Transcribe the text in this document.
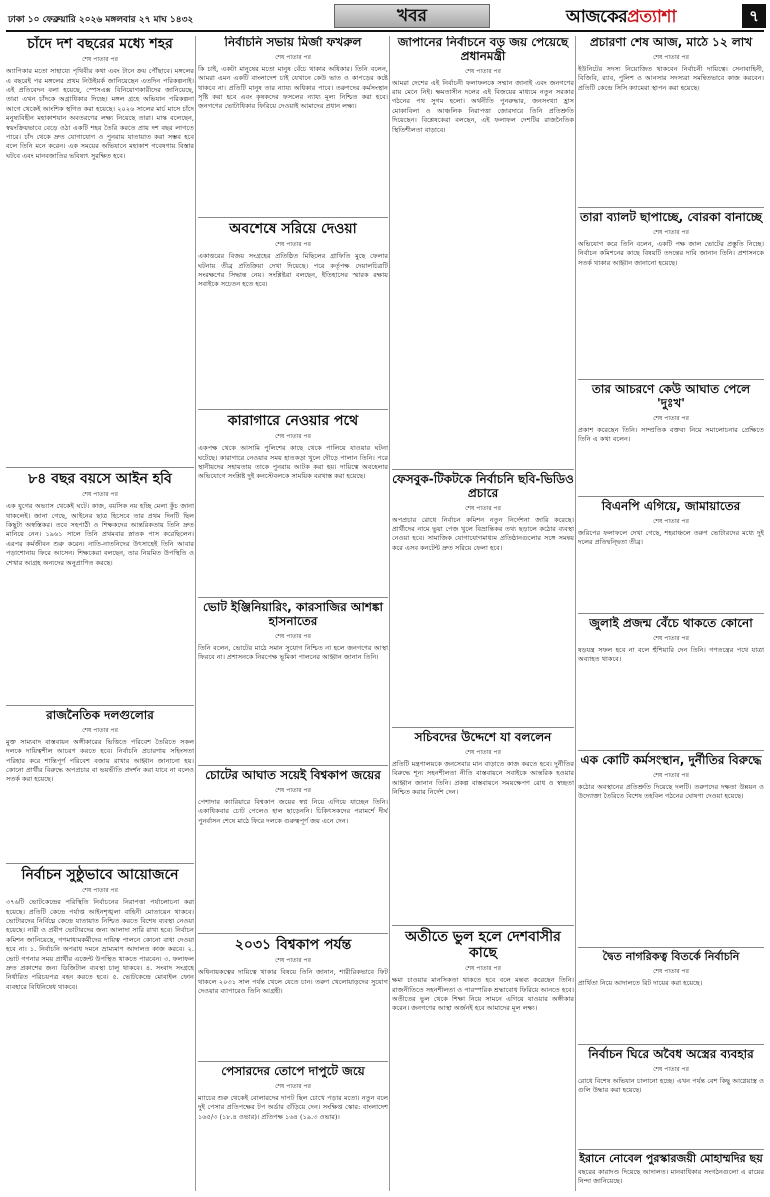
ঢাকা ১০ ফেব্রুয়ারি ২০২৬ মঙ্গলবার ২৭ মাঘ ১৪৩২	খবর	আজকেরপ্রত্যাশা	৭
চাঁদে দশ বছরের মধ্যে শহর
শেষ পাতার পর
অ্যাপিকার মতো সাহায্যে পৃথিবীর কথা এবং টানে ক্রয় পৌঁছাবে। মঙ্গলের এ বছরেই পর মঙ্গলের প্রথম নিউইয়র্ক জানিয়েছেন এতদিন পরিকল্পনাই। এই প্রতিবেদন বলা হয়েছে, স্পেসএক্স বিনিয়োগকারীদের জানিয়েছে, তারা এখন চাঁদকে অগ্রাধিকার দিচ্ছে। মঙ্গল গ্রহে অভিযান পরিকল্পনা আগে থেকেই আংশিক স্থগিত করা হয়েছে। ২০২৬ সালের মার্চ মাসে চাঁদে মনুষ্যবিহীন মহাকাশযান অবতরণের লক্ষ্য নিয়েছে তারা। মাস্ক বলেছেন, স্বয়ংক্রিয়ভাবে বেড়ে ওঠা একটি শহর তৈরি করতে প্রায় দশ বছর লাগতে পারে। চাঁদ থেকে দ্রুত যোগাযোগ ও পুনরায় যাতায়াত করা সম্ভব হবে বলে তিনি মনে করেন। এক সময়ের অভিযানে মহাকাশ গবেষণায় বিস্তার ঘটবে এবং মানবজাতির ভবিষ্যৎ সুরক্ষিত হবে।
৮৪ বছর বয়সে আইন হবি
শেষ পাতার পর
এক যুগের অভ্যাস থেকেই ঘটে। কাজ, বয়সিক নয় হচ্ছি মেলা কুঁচ জানা থাকলেই। জানা গেছে, আইনের ছাত্র হিসেবে তার প্রথম দিনটি ছিল কিছুটা অস্বস্তিকর। তবে সহপাঠী ও শিক্ষকদের আন্তরিকতায় তিনি দ্রুত মানিয়ে নেন। ১৯৬১ সালে তিনি প্রথমবার স্নাতক পাস করেছিলেন। এরপর কর্মজীবন শুরু করেন। নাতি-নাতনিদের উৎসাহেই তিনি আবার পড়াশোনায় ফিরে আসেন। শিক্ষকেরা বলছেন, তার নিয়মিত উপস্থিতি ও শেখার আগ্রহ অন্যদের অনুপ্রাণিত করছে।
রাজনৈতিক দলগুলোর
শেষ পাতার পর
মুক্ত সাম্যবাদ বাস্তবায়ন অঙ্গীকারের ভিত্তিতে পরিবেশ তৈরিতে সকল দলকে দায়িত্বশীল আচরণ করতে হবে। নির্বাচনি প্রচারণায় সহিংসতা পরিহার করে শান্তিপূর্ণ পরিবেশ বজায় রাখার আহ্বান জানানো হয়। কোনো প্রার্থীর বিরুদ্ধে অপপ্রচার বা ভয়ভীতি প্রদর্শন করা যাবে না বলেও সতর্ক করা হয়েছে।
নির্বাচন সুষ্ঠুভাবে আয়োজনে
শেষ পাতার পর
৩৭৬টি ভোটকেন্দ্রের পরিস্থিতি নির্বাচনের নিরাপত্তা পর্যালোচনা করা হয়েছে। প্রতিটি কেন্দ্রে পর্যাপ্ত আইনশৃঙ্খলা বাহিনী মোতায়েন থাকবে। ভোটারদের নির্বিঘ্নে কেন্দ্রে যাতায়াত নিশ্চিত করতে বিশেষ ব্যবস্থা নেওয়া হয়েছে। নারী ও প্রবীণ ভোটারদের জন্য আলাদা সারি রাখা হবে। নির্বাচন কমিশন জানিয়েছে, গণমাধ্যমকর্মীদের দায়িত্ব পালনে কোনো বাধা দেওয়া হবে না। ১. নির্বাচনি অপরাধ দমনে ভ্রাম্যমাণ আদালত কাজ করবে। ২. ভোট গণনার সময় প্রার্থীর এজেন্ট উপস্থিত থাকতে পারবেন। ৩. ফলাফল দ্রুত প্রকাশের জন্য ডিজিটাল ব্যবস্থা চালু থাকবে। ৪. সংবাদ সংগ্রহে নির্ধারিত পরিচয়পত্র বহন করতে হবে। ৫. ভোটকেন্দ্রে মোবাইল ফোন ব্যবহারে বিধিনিষেধ থাকবে।
নির্বাচনি সভায় মির্জা ফখরুল
শেষ পাতার পর
কি চাই, একটা মানুষের মতো মানুষ বেঁচে থাকার অধিকার। তিনি বলেন, আমরা এমন একটি বাংলাদেশ চাই যেখানে কেউ ভাত ও কাপড়ের কষ্টে থাকবে না। প্রতিটি মানুষ তার ন্যায্য অধিকার পাবে। তরুণদের কর্মসংস্থান সৃষ্টি করা হবে এবং কৃষকদের ফসলের ন্যায্য মূল্য নিশ্চিত করা হবে। জনগণের ভোটাধিকার ফিরিয়ে দেওয়াই আমাদের প্রধান লক্ষ্য।
অবশেষে সরিয়ে দেওয়া
শেষ পাতার পর
একাত্তরের বিজয় সংগ্রহের প্রতিষ্ঠিত মিছিলের গ্রাফিতি মুছে ফেলার ঘটনায় তীব্র প্রতিক্রিয়া দেখা দিয়েছে। পরে কর্তৃপক্ষ দেয়ালচিত্রটি সংরক্ষণের সিদ্ধান্ত নেয়। সংশ্লিষ্টরা বলছেন, ইতিহাসের স্মারক রক্ষায় সবাইকে সচেতন হতে হবে।
কারাগারে নেওয়ার পথে
শেষ পাতার পর
একপক্ষ থেকে আসামি পুলিশের কাছে থেকে পালিয়ে যাওয়ার ঘটনা ঘটেছে। কারাগারে নেওয়ার সময় হাতকড়া খুলে দৌড়ে পালান তিনি। পরে স্থানীয়দের সহায়তায় তাকে পুনরায় আটক করা হয়। দায়িত্বে অবহেলার অভিযোগে সংশ্লিষ্ট দুই কনস্টেবলকে সাময়িক বরখাস্ত করা হয়েছে।
ভোট ইঞ্জিনিয়ারিং, কারসাজির আশঙ্কা হাসনাতের
শেষ পাতার পর
তিনি বলেন, ভোটের মাঠে সমান সুযোগ নিশ্চিত না হলে জনগণের আস্থা ফিরবে না। প্রশাসনকে নিরপেক্ষ ভূমিকা পালনের আহ্বান জানান তিনি।
চোটের আঘাত সয়েই বিশ্বকাপ জয়ের
শেষ পাতার পর
পেশাদার ক্যারিয়ারে বিশ্বকাপ জয়ের স্বপ্ন নিয়ে এগিয়ে যাচ্ছেন তিনি। একাধিকবার চোট পেলেও হাল ছাড়েননি। চিকিৎসকদের পরামর্শে দীর্ঘ পুনর্বাসন শেষে মাঠে ফিরে দলকে গুরুত্বপূর্ণ জয় এনে দেন।
২০৩১ বিশ্বকাপ পর্যন্ত
শেষ পাতার পর
অধিনায়কত্বের দায়িত্বে থাকার বিষয়ে তিনি জানান, শারীরিকভাবে ফিট থাকলে ২০৩১ সাল পর্যন্ত খেলে যেতে চান। তরুণ খেলোয়াড়দের সুযোগ দেওয়ার ব্যাপারেও তিনি আগ্রহী।
পেসারদের তোপে দাপুটে জয়ে
শেষ পাতার পর
ম্যাচের শুরু থেকেই বোলারদের দাপট ছিল চোখে পড়ার মতো। নতুন বলে দুই পেসার প্রতিপক্ষের টপ অর্ডার গুঁড়িয়ে দেন। সংক্ষিপ্ত স্কোর: বাংলাদেশ ১৬৫/৩ (১৮.৪ ওভার)। প্রতিপক্ষ ১৬৪ (১৯.৩ ওভার)।
জাপানের নির্বাচনে বড় জয় পেয়েছে প্রধানমন্ত্রী
শেষ পাতার পর
আমরা দেশের এই নির্বাচনী ফলাফলকে সম্মান জানাই এবং জনগণের রায় মেনে নিই। ক্ষমতাসীন দলের এই বিজয়ের মাধ্যমে নতুন সরকার গঠনের পথ সুগম হলো। অর্থনীতি পুনরুদ্ধার, জনসংখ্যা হ্রাস মোকাবিলা ও আঞ্চলিক নিরাপত্তা জোরদারে তিনি প্রতিশ্রুতি দিয়েছেন। বিশ্লেষকেরা বলছেন, এই ফলাফল দেশটির রাজনৈতিক স্থিতিশীলতা বাড়াবে।
ফেসবুক-টিকটকে নির্বাচনি ছবি-ভিডিও প্রচারে
শেষ পাতার পর
অপপ্রচার রোধে নির্বাচন কমিশন নতুন নির্দেশনা জারি করেছে। প্রার্থীদের নামে ভুয়া পেজ খুলে বিভ্রান্তিকর তথ্য ছড়ালে কঠোর ব্যবস্থা নেওয়া হবে। সামাজিক যোগাযোগমাধ্যম প্রতিষ্ঠানগুলোর সঙ্গে সমন্বয় করে এসব কনটেন্ট দ্রুত সরিয়ে ফেলা হবে।
সচিবদের উদ্দেশে যা বললেন
শেষ পাতার পর
প্রতিটি মন্ত্রণালয়কে জনসেবার মান বাড়াতে কাজ করতে হবে। দুর্নীতির বিরুদ্ধে শূন্য সহনশীলতা নীতি বাস্তবায়নে সবাইকে আন্তরিক হওয়ার আহ্বান জানান তিনি। প্রকল্প বাস্তবায়নে সময়ক্ষেপণ রোধ ও স্বচ্ছতা নিশ্চিত করার নির্দেশ দেন।
অতীতে ভুল হলে দেশবাসীর কাছে
শেষ পাতার পর
ক্ষমা চাওয়ার মানসিকতা থাকতে হবে বলে মন্তব্য করেছেন তিনি। রাজনীতিতে সহনশীলতা ও পারস্পরিক শ্রদ্ধাবোধ ফিরিয়ে আনতে হবে। অতীতের ভুল থেকে শিক্ষা নিয়ে সামনে এগিয়ে যাওয়ার অঙ্গীকার করেন। জনগণের আস্থা অর্জনই হবে আমাদের মূল লক্ষ্য।
প্রচারণা শেষ আজ, মাঠে ১২ লাখ
শেষ পাতার পর
ইউনিটের সদস্য নিয়োজিত থাকবেন নির্বাচনী দায়িত্বে। সেনাবাহিনী, বিজিবি, র‍্যাব, পুলিশ ও আনসার সদস্যরা সমন্বিতভাবে কাজ করবেন। প্রতিটি কেন্দ্রে সিসি ক্যামেরা স্থাপন করা হয়েছে।
তারা ব্যালট ছাপাচ্ছে, বোরকা বানাচ্ছে
শেষ পাতার পর
অভিযোগ করে তিনি বলেন, একটি পক্ষ জাল ভোটের প্রস্তুতি নিচ্ছে। নির্বাচন কমিশনের কাছে বিষয়টি তদন্তের দাবি জানান তিনি। প্রশাসনকে সতর্ক থাকার আহ্বান জানানো হয়েছে।
তার আচরণে কেউ আঘাত পেলে 'দুঃখ'
শেষ পাতার পর
প্রকাশ করেছেন তিনি। সাম্প্রতিক বক্তব্য নিয়ে সমালোচনার প্রেক্ষিতে তিনি এ কথা বলেন।
বিএনপি এগিয়ে, জামায়াতের
শেষ পাতার পর
জরিপের ফলাফলে দেখা গেছে, শহরাঞ্চলে তরুণ ভোটারদের মধ্যে দুই দলের প্রতিদ্বন্দ্বিতা তীব্র।
জুলাই প্রজন্ম বেঁচে থাকতে কোনো
শেষ পাতার পর
ষড়যন্ত্র সফল হবে না বলে হুঁশিয়ারি দেন তিনি। গণতন্ত্রের পথে যাত্রা অব্যাহত থাকবে।
এক কোটি কর্মসংস্থান, দুর্নীতির বিরুদ্ধে
শেষ পাতার পর
কঠোর অবস্থানের প্রতিশ্রুতি দিয়েছে দলটি। তরুণদের দক্ষতা উন্নয়ন ও উদ্যোক্তা তৈরিতে বিশেষ তহবিল গঠনের ঘোষণা দেওয়া হয়েছে।
দ্বৈত নাগরিকত্ব বিতর্কে নির্বাচনি
শেষ পাতার পর
প্রার্থিতা নিয়ে আদালতে রিট দায়ের করা হয়েছে।
নির্বাচন ঘিরে অবৈধ অস্ত্রের ব্যবহার
শেষ পাতার পর
রোধে বিশেষ অভিযান চালানো হচ্ছে। এখন পর্যন্ত বেশ কিছু আগ্নেয়াস্ত্র ও গুলি উদ্ধার করা হয়েছে।
ইরানে নোবেল পুরস্কারজয়ী মোহাম্মদির ছয়
বছরের কারাদণ্ড দিয়েছে আদালত। মানবাধিকার সংগঠনগুলো এ রায়ের নিন্দা জানিয়েছে।
